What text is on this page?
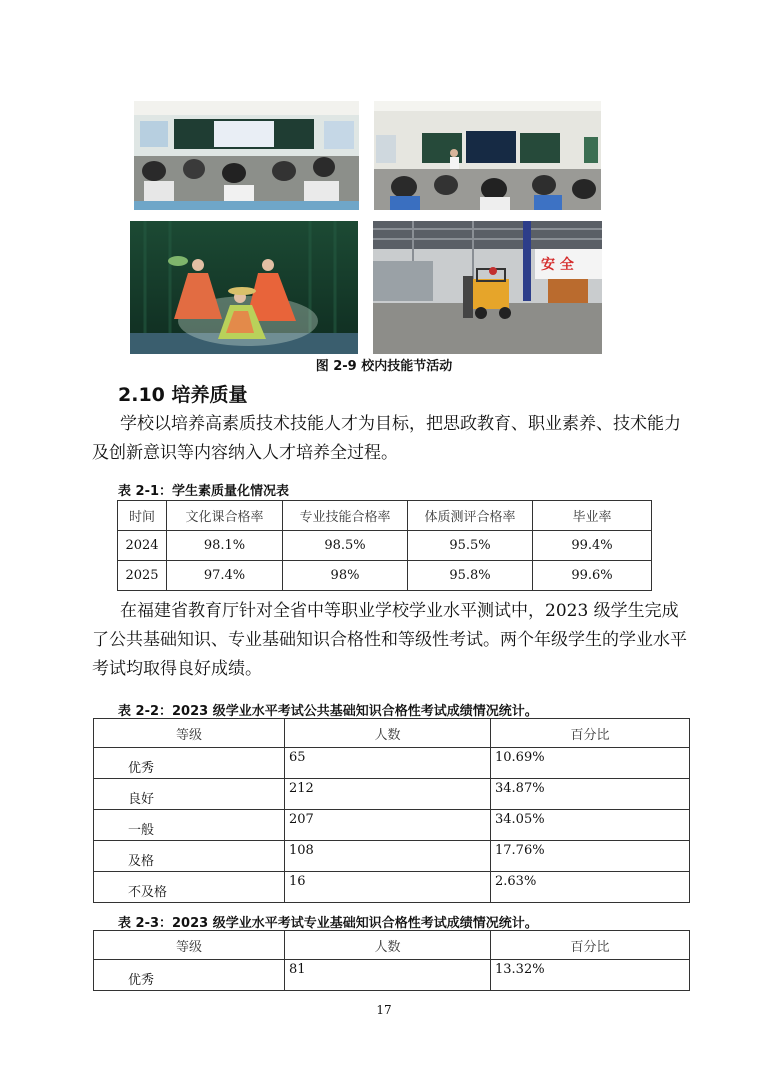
安 全
图 2-9 校内技能节活动
2.10 培养质量

学校以培养高素质技术技能人才为目标，把思政教育、职业素养、技术能力及创新意识等内容纳入人才培养全过程。

表 2-1：学生素质量化情况表
时间	文化课合格率	专业技能合格率	体质测评合格率	毕业率
2024	98.1%	98.5%	95.5%	99.4%
2025	97.4%	98%	95.8%	99.6%

在福建省教育厅针对全省中等职业学校学业水平测试中，2023 级学生完成了公共基础知识、专业基础知识合格性和等级性考试。两个年级学生的学业水平考试均取得良好成绩。

表 2-2：2023 级学业水平考试公共基础知识合格性考试成绩情况统计。
等级	人数	百分比
优秀	65	10.69%
良好	212	34.87%
一般	207	34.05%
及格	108	17.76%
不及格	16	2.63%
表 2-3：2023 级学业水平考试专业基础知识合格性考试成绩情况统计。
等级	人数	百分比
优秀	81	13.32%
17
